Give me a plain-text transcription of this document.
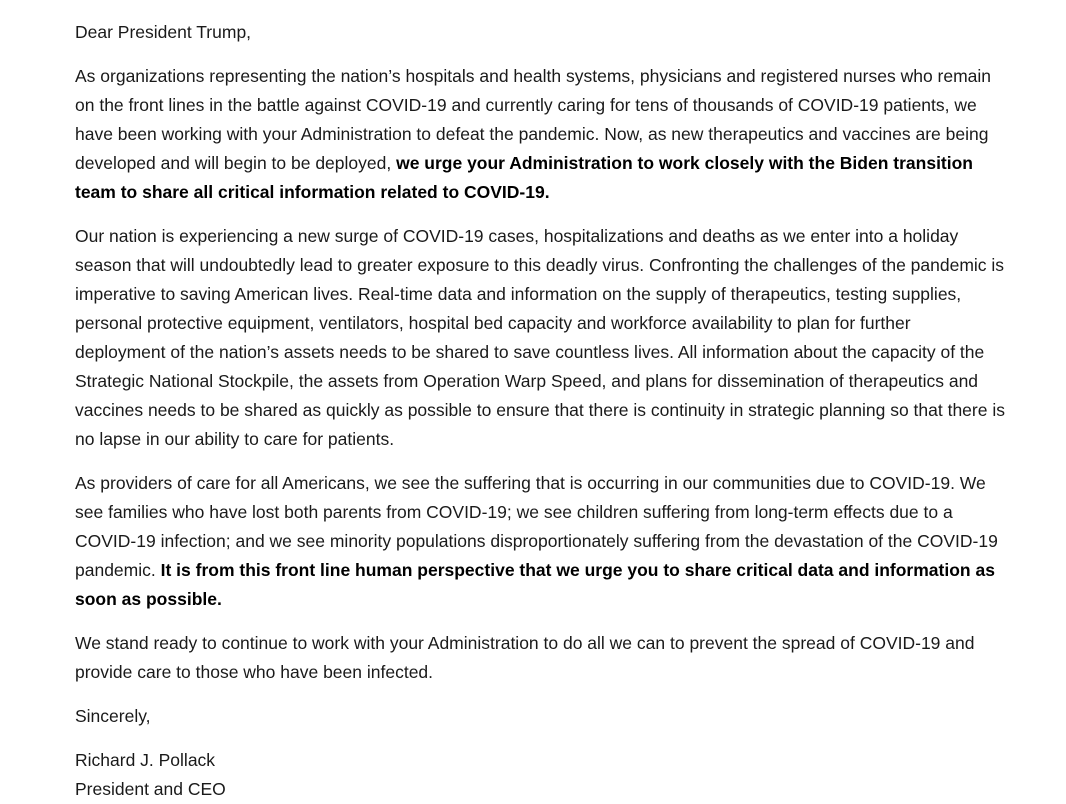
Dear President Trump,

As organizations representing the nation’s hospitals and health systems, physicians and registered nurses who remain on the front lines in the battle against COVID-19 and currently caring for tens of thousands of COVID-19 patients, we have been working with your Administration to defeat the pandemic. Now, as new therapeutics and vaccines are being developed and will begin to be deployed, we urge your Administration to work closely with the Biden transition team to share all critical information related to COVID-19.

Our nation is experiencing a new surge of COVID-19 cases, hospitalizations and deaths as we enter into a holiday season that will undoubtedly lead to greater exposure to this deadly virus. Confronting the challenges of the pandemic is imperative to saving American lives. Real-time data and information on the supply of therapeutics, testing supplies, personal protective equipment, ventilators, hospital bed capacity and workforce availability to plan for further deployment of the nation’s assets needs to be shared to save countless lives. All information about the capacity of the Strategic National Stockpile, the assets from Operation Warp Speed, and plans for dissemination of therapeutics and vaccines needs to be shared as quickly as possible to ensure that there is continuity in strategic planning so that there is no lapse in our ability to care for patients.

As providers of care for all Americans, we see the suffering that is occurring in our communities due to COVID-19. We see families who have lost both parents from COVID-19; we see children suffering from long-term effects due to a COVID-19 infection; and we see minority populations disproportionately suffering from the devastation of the COVID-19 pandemic. It is from this front line human perspective that we urge you to share critical data and information as soon as possible.

We stand ready to continue to work with your Administration to do all we can to prevent the spread of COVID-19 and provide care to those who have been infected.

Sincerely,

Richard J. Pollack

President and CEO
